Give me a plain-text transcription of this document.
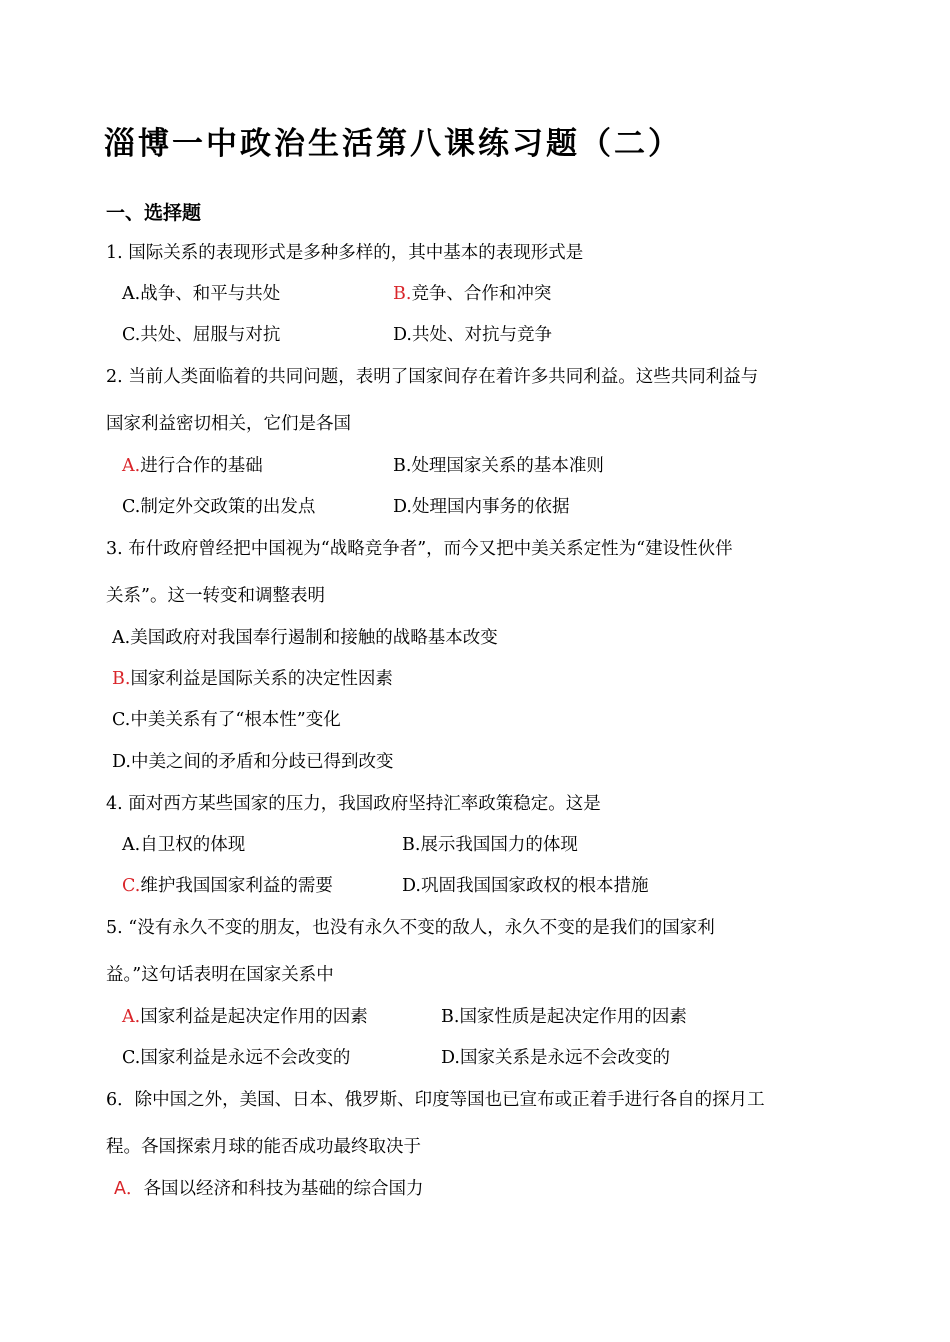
淄博一中政治生活第八课练习题（二）
一、选择题
1. 国际关系的表现形式是多种多样的，其中基本的表现形式是
A.战争、和平与共处	B.竞争、合作和冲突
C.共处、屈服与对抗	D.共处、对抗与竞争
2. 当前人类面临着的共同问题，表明了国家间存在着许多共同利益。这些共同利益与
国家利益密切相关，它们是各国
A.进行合作的基础	B.处理国家关系的基本准则
C.制定外交政策的出发点	D.处理国内事务的依据
3. 布什政府曾经把中国视为“战略竞争者”，而今又把中美关系定性为“建设性伙伴
关系”。这一转变和调整表明
A.美国政府对我国奉行遏制和接触的战略基本改变
B.国家利益是国际关系的决定性因素
C.中美关系有了“根本性”变化
D.中美之间的矛盾和分歧已得到改变
4. 面对西方某些国家的压力，我国政府坚持汇率政策稳定。这是
A.自卫权的体现	B.展示我国国力的体现
C.维护我国国家利益的需要	D.巩固我国国家政权的根本措施
5. “没有永久不变的朋友，也没有永久不变的敌人，永久不变的是我们的国家利
益。”这句话表明在国家关系中
A.国家利益是起决定作用的因素	B.国家性质是起决定作用的因素
C.国家利益是永远不会改变的	D.国家关系是永远不会改变的
6．除中国之外，美国、日本、俄罗斯、印度等国也已宣布或正着手进行各自的探月工
程。各国探索月球的能否成功最终取决于
A．各国以经济和科技为基础的综合国力
